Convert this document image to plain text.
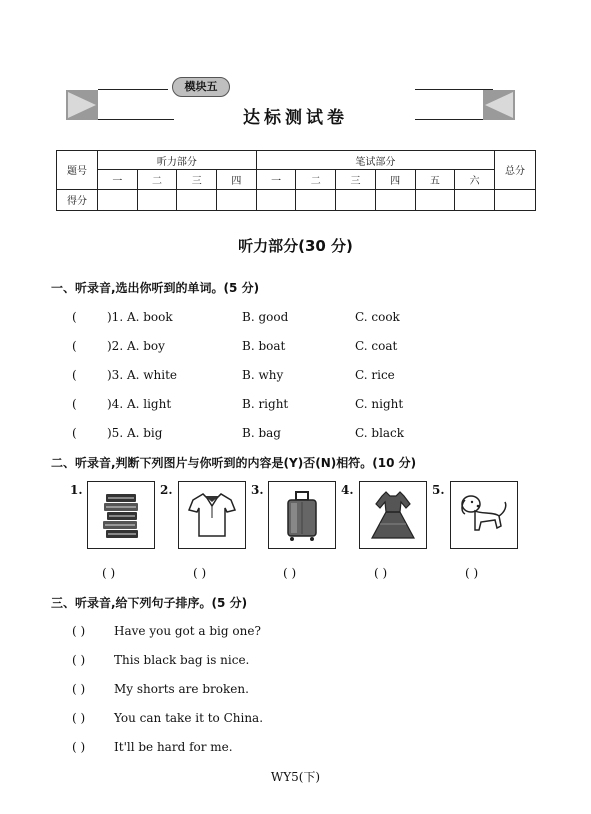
模块五
达标测试卷
题号	听力部分				笔试部分						总分
	一	二	三	四	一	二	三	四	五	六	
得分											
听力部分(30 分)
一、听录音,选出你听到的单词。(5 分)
(	)1. A. book	B. good	C. cook
(	)2. A. boy	B. boat	C. coat
(	)3. A. white	B. why	C. rice
(	)4. A. light	B. right	C. night
(	)5. A. big	B. bag	C. black
二、听录音,判断下列图片与你听到的内容是(Y)否(N)相符。(10 分)
1.	2.	3.	4.	5.
( )	( )	( )	( )	( )
三、听录音,给下列句子排序。(5 分)
( ) Have you got a big one?
( ) This black bag is nice.
( ) My shorts are broken.
( ) You can take it to China.
( ) It'll be hard for me.
WY5(下)
